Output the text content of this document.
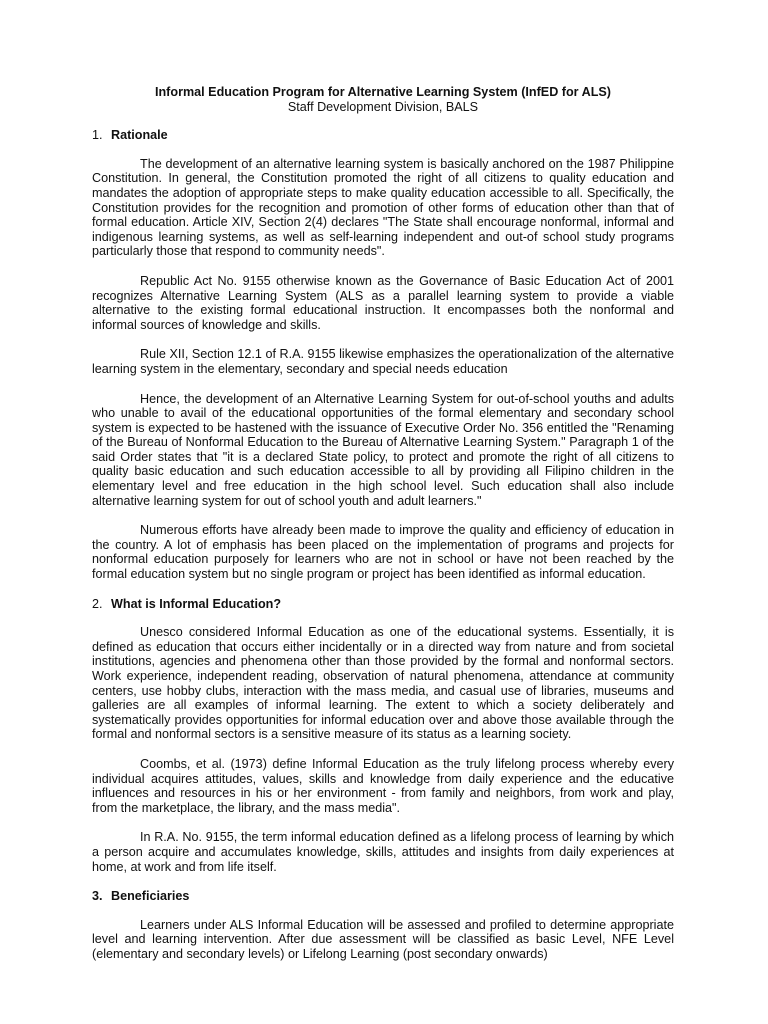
Informal Education Program for Alternative Learning System (InfED for ALS)

Staff Development Division, BALS

1. Rationale

The development of an alternative learning system is basically anchored on the 1987 Philippine Constitution. In general, the Constitution promoted the right of all citizens to quality education and mandates the adoption of appropriate steps to make quality education accessible to all. Specifically, the Constitution provides for the recognition and promotion of other forms of education other than that of formal education. Article XIV, Section 2(4) declares "The State shall encourage nonformal, informal and indigenous learning systems, as well as self-learning independent and out-of school study programs particularly those that respond to community needs".

Republic Act No. 9155 otherwise known as the Governance of Basic Education Act of 2001 recognizes Alternative Learning System (ALS as a parallel learning system to provide a viable alternative to the existing formal educational instruction. It encompasses both the nonformal and informal sources of knowledge and skills.

Rule XII, Section 12.1 of R.A. 9155 likewise emphasizes the operationalization of the alternative learning system in the elementary, secondary and special needs education

Hence, the development of an Alternative Learning System for out-of-school youths and adults who unable to avail of the educational opportunities of the formal elementary and secondary school system is expected to be hastened with the issuance of Executive Order No. 356 entitled the "Renaming of the Bureau of Nonformal Education to the Bureau of Alternative Learning System." Paragraph 1 of the said Order states that "it is a declared State policy, to protect and promote the right of all citizens to quality basic education and such education accessible to all by providing all Filipino children in the elementary level and free education in the high school level. Such education shall also include alternative learning system for out of school youth and adult learners."

Numerous efforts have already been made to improve the quality and efficiency of education in the country. A lot of emphasis has been placed on the implementation of programs and projects for nonformal education purposely for learners who are not in school or have not been reached by the formal education system but no single program or project has been identified as informal education.

2. What is Informal Education?

Unesco considered Informal Education as one of the educational systems. Essentially, it is defined as education that occurs either incidentally or in a directed way from nature and from societal institutions, agencies and phenomena other than those provided by the formal and nonformal sectors. Work experience, independent reading, observation of natural phenomena, attendance at community centers, use hobby clubs, interaction with the mass media, and casual use of libraries, museums and galleries are all examples of informal learning. The extent to which a society deliberately and systematically provides opportunities for informal education over and above those available through the formal and nonformal sectors is a sensitive measure of its status as a learning society.

Coombs, et al. (1973) define Informal Education as the truly lifelong process whereby every individual acquires attitudes, values, skills and knowledge from daily experience and the educative influences and resources in his or her environment - from family and neighbors, from work and play, from the marketplace, the library, and the mass media".

In R.A. No. 9155, the term informal education defined as a lifelong process of learning by which a person acquire and accumulates knowledge, skills, attitudes and insights from daily experiences at home, at work and from life itself.

3. Beneficiaries

Learners under ALS Informal Education will be assessed and profiled to determine appropriate level and learning intervention. After due assessment will be classified as basic Level, NFE Level (elementary and secondary levels) or Lifelong Learning (post secondary onwards)
